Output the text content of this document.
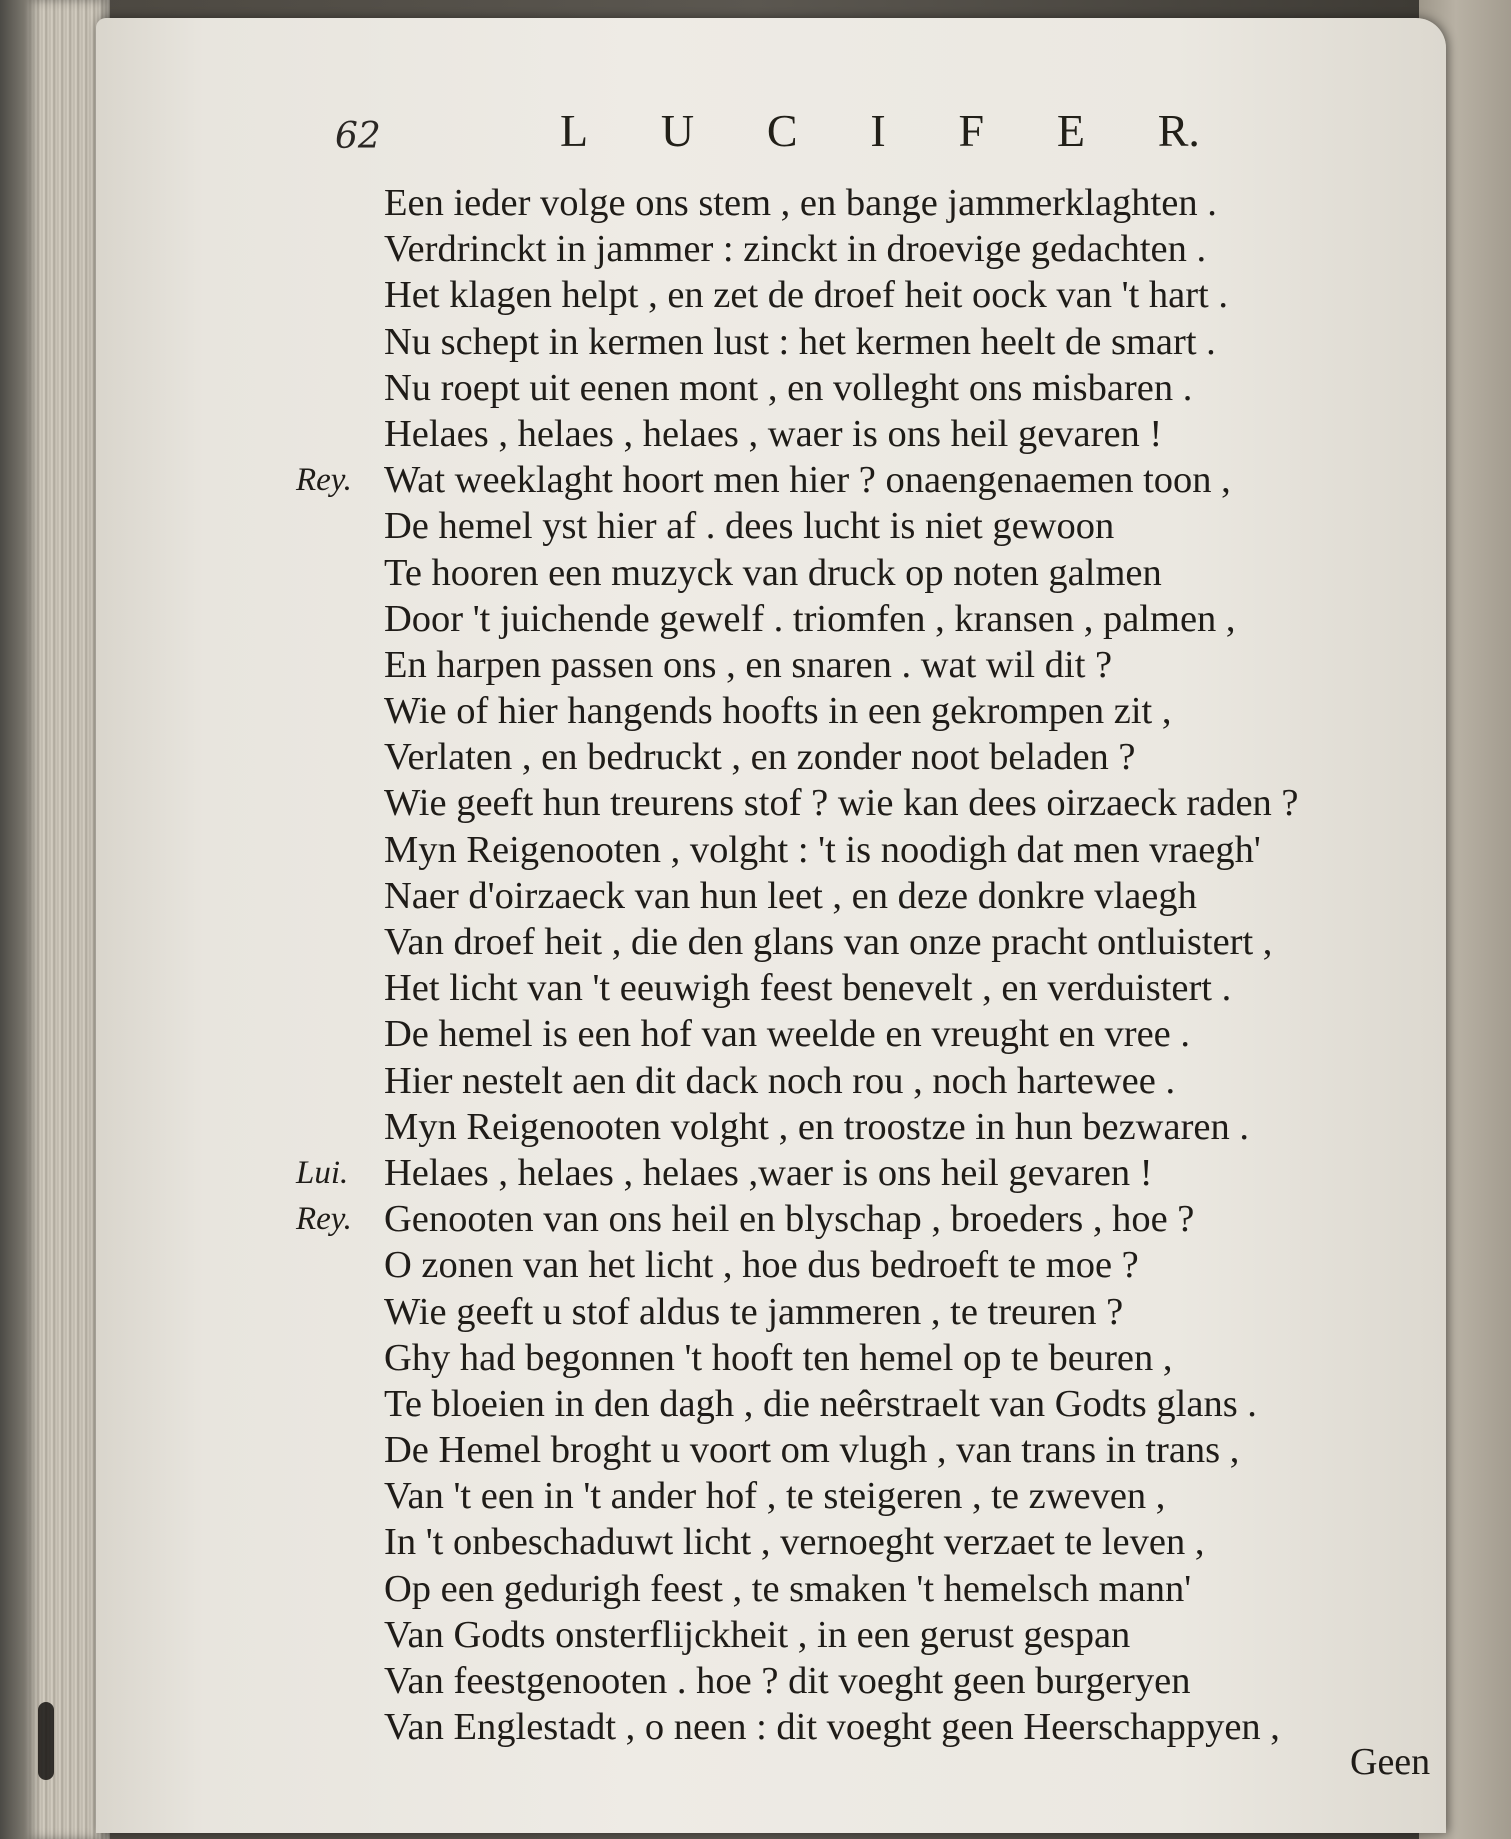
62	L U C I F E R.
Een ieder volge ons stem , en bange jammerklaghten .
Verdrinckt in jammer : zinckt in droevige gedachten .
Het klagen helpt , en zet de droef heit oock van 't hart .
Nu schept in kermen lust : het kermen heelt de smart .
Nu roept uit eenen mont , en volleght ons misbaren .
Helaes , helaes , helaes , waer is ons heil gevaren !
Rey. Wat weeklaght hoort men hier ? onaengenaemen toon ,
De hemel yst hier af . dees lucht is niet gewoon
Te hooren een muzyck van druck op noten galmen
Door 't juichende gewelf . triomfen , kransen , palmen ,
En harpen passen ons , en snaren . wat wil dit ?
Wie of hier hangends hoofts in een gekrompen zit ,
Verlaten , en bedruckt , en zonder noot beladen ?
Wie geeft hun treurens stof ? wie kan dees oirzaeck raden ?
Myn Reigenooten , volght : 't is noodigh dat men vraegh'
Naer d'oirzaeck van hun leet , en deze donkre vlaegh
Van droef heit , die den glans van onze pracht ontluistert ,
Het licht van 't eeuwigh feest benevelt , en verduistert .
De hemel is een hof van weelde en vreught en vree .
Hier nestelt aen dit dack noch rou , noch hartewee .
Myn Reigenooten volght , en troostze in hun bezwaren .
Lui. Helaes , helaes , helaes ,waer is ons heil gevaren !
Rey. Genooten van ons heil en blyschap , broeders , hoe ?
O zonen van het licht , hoe dus bedroeft te moe ?
Wie geeft u stof aldus te jammeren , te treuren ?
Ghy had begonnen 't hooft ten hemel op te beuren ,
Te bloeien in den dagh , die neêrstraelt van Godts glans .
De Hemel broght u voort om vlugh , van trans in trans ,
Van 't een in 't ander hof , te steigeren , te zweven ,
In 't onbeschaduwt licht , vernoeght verzaet te leven ,
Op een gedurigh feest , te smaken 't hemelsch mann'
Van Godts onsterflijckheit , in een gerust gespan
Van feestgenooten . hoe ? dit voeght geen burgeryen
Van Englestadt , o neen : dit voeght geen Heerschappyen ,
Geen
